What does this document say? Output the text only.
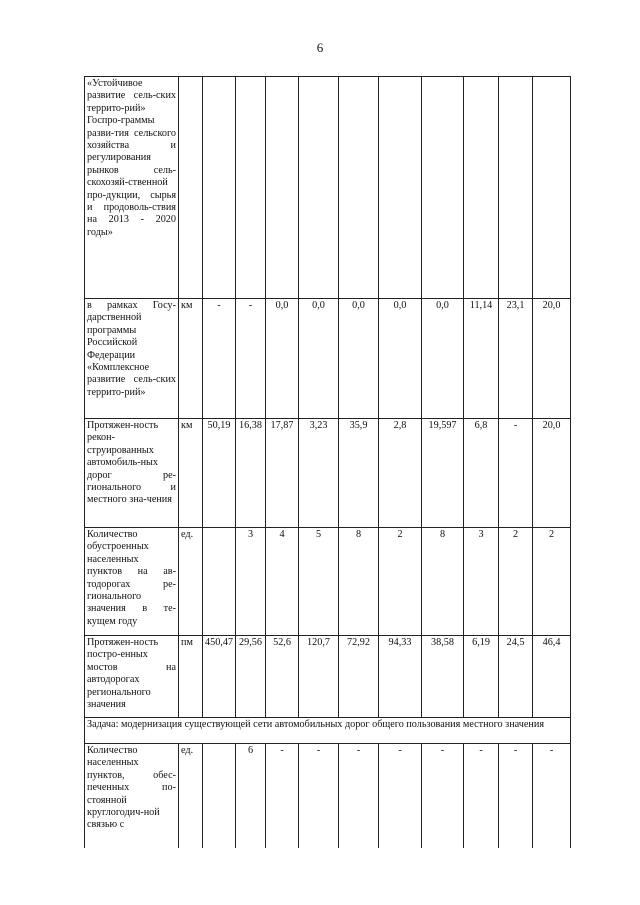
6
«Устойчивое развитие сель-ских террито-рий» Госпро-граммы разви-тия сельского хозяйства и регулирования рынков сель-скохозяй-ственной про-дукции, сырья и продоволь-ствия на 2013 - 2020 годы»											
в рамках Госу-дарственной программы Российской Федерации «Комплексное развитие сель-ских террито-рий»	км	-	-	0,0	0,0	0,0	0,0	0,0	11,14	23,1	20,0
Протяжен-ность рекон-струированных автомобиль-ных дорог ре-гионального и местного зна-чения	км	50,19	16,38	17,87	3,23	35,9	2,8	19,597	6,8	-	20,0
Количество обустроенных населенных пунктов на ав-тодорогах ре-гионального значения в те-кущем году	ед.		3	4	5	8	2	8	3	2	2
Протяжен-ность постро-енных мостов на автодорогах регионального значения	пм	450,47	29,56	52,6	120,7	72,92	94,33	38,58	6,19	24,5	46,4
Задача: модернизация существующей сети автомобильных дорог общего пользования местного значения											
Количество населенных пунктов, обес-печенных по-стоянной круглогодич-ной связью с	ед.		6	-	-	-	-	-	-	-	-
